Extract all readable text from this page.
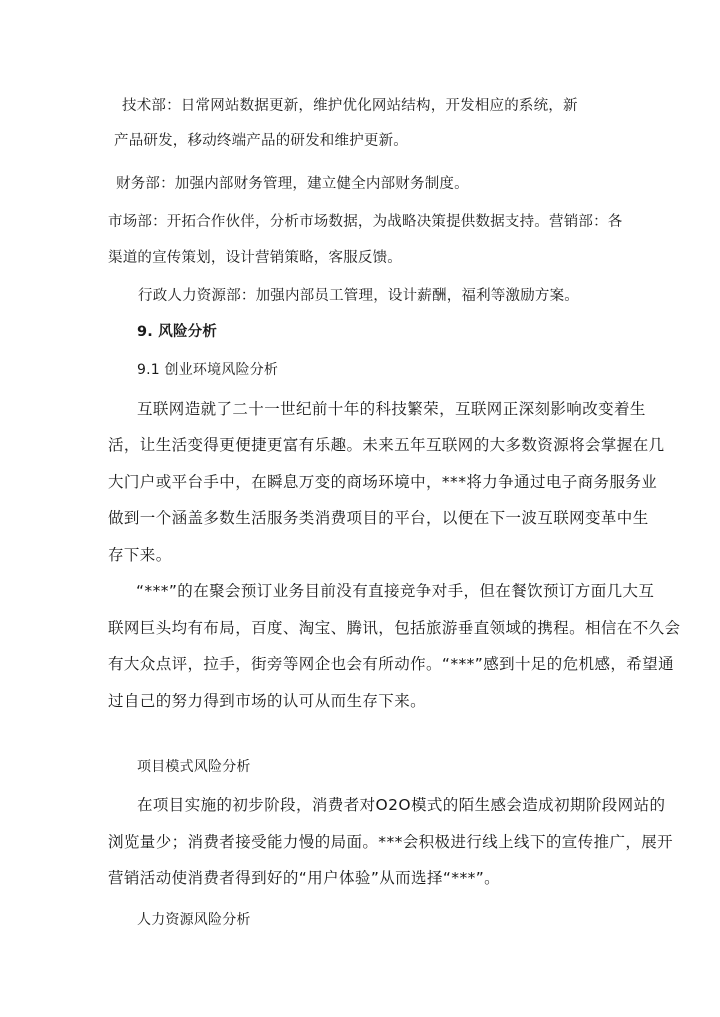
技术部：日常网站数据更新，维护优化网站结构，开发相应的系统，新
产品研发，移动终端产品的研发和维护更新。
财务部：加强内部财务管理，建立健全内部财务制度。
市场部：开拓合作伙伴，分析市场数据，为战略决策提供数据支持。营销部：各
渠道的宣传策划，设计营销策略，客服反馈。
行政人力资源部：加强内部员工管理，设计薪酬，福利等激励方案。
9. 风险分析
9.1 创业环境风险分析
互联网造就了二十一世纪前十年的科技繁荣，互联网正深刻影响改变着生
活，让生活变得更便捷更富有乐趣。未来五年互联网的大多数资源将会掌握在几
大门户或平台手中，在瞬息万变的商场环境中，***将力争通过电子商务服务业
做到一个涵盖多数生活服务类消费项目的平台，以便在下一波互联网变革中生
存下来。
“***”的在聚会预订业务目前没有直接竞争对手，但在餐饮预订方面几大互
联网巨头均有布局，百度、淘宝、腾讯，包括旅游垂直领域的携程。相信在不久会
有大众点评，拉手，街旁等网企也会有所动作。“***”感到十足的危机感，希望通
过自己的努力得到市场的认可从而生存下来。
项目模式风险分析
在项目实施的初步阶段，消费者对O2O模式的陌生感会造成初期阶段网站的
浏览量少；消费者接受能力慢的局面。***会积极进行线上线下的宣传推广，展开
营销活动使消费者得到好的“用户体验”从而选择“***”。
人力资源风险分析
